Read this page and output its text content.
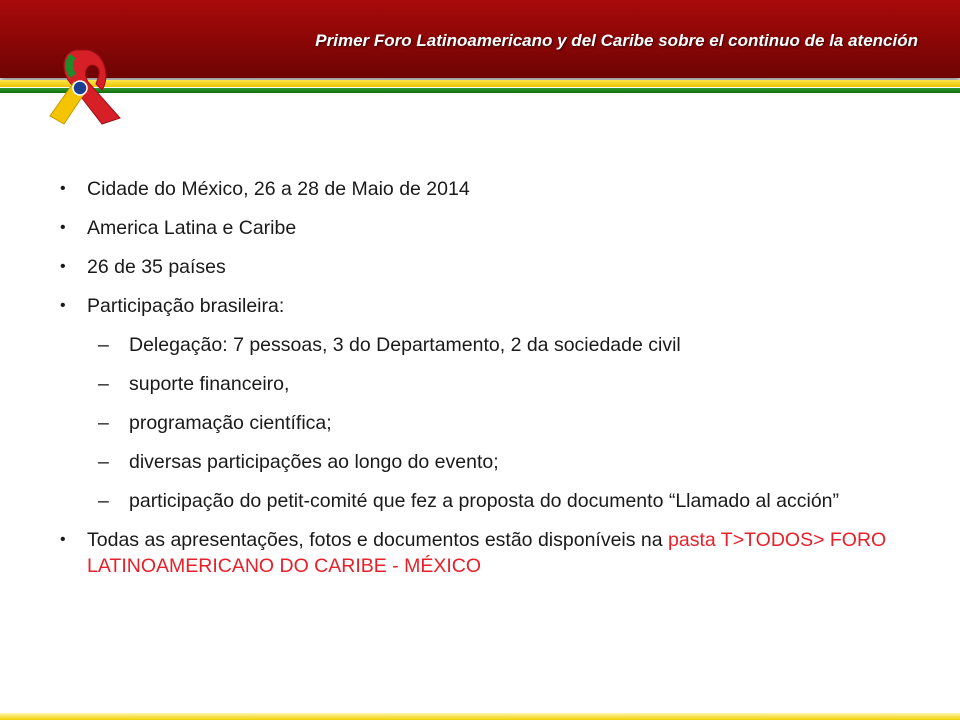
Primer Foro Latinoamericano y del Caribe sobre el continuo de la atención
• Cidade do México, 26 a 28 de Maio de 2014
• America Latina e Caribe
• 26 de 35 países
• Participação brasileira:
– Delegação: 7 pessoas, 3 do Departamento, 2 da sociedade civil
– suporte financeiro,
– programação científica;
– diversas participações ao longo do evento;
– participação do petit-comité que fez a proposta do documento “Llamado al acción”
• Todas as apresentações, fotos e documentos estão disponíveis na pasta T>TODOS> FORO LATINOAMERICANO DO CARIBE - MÉXICO
